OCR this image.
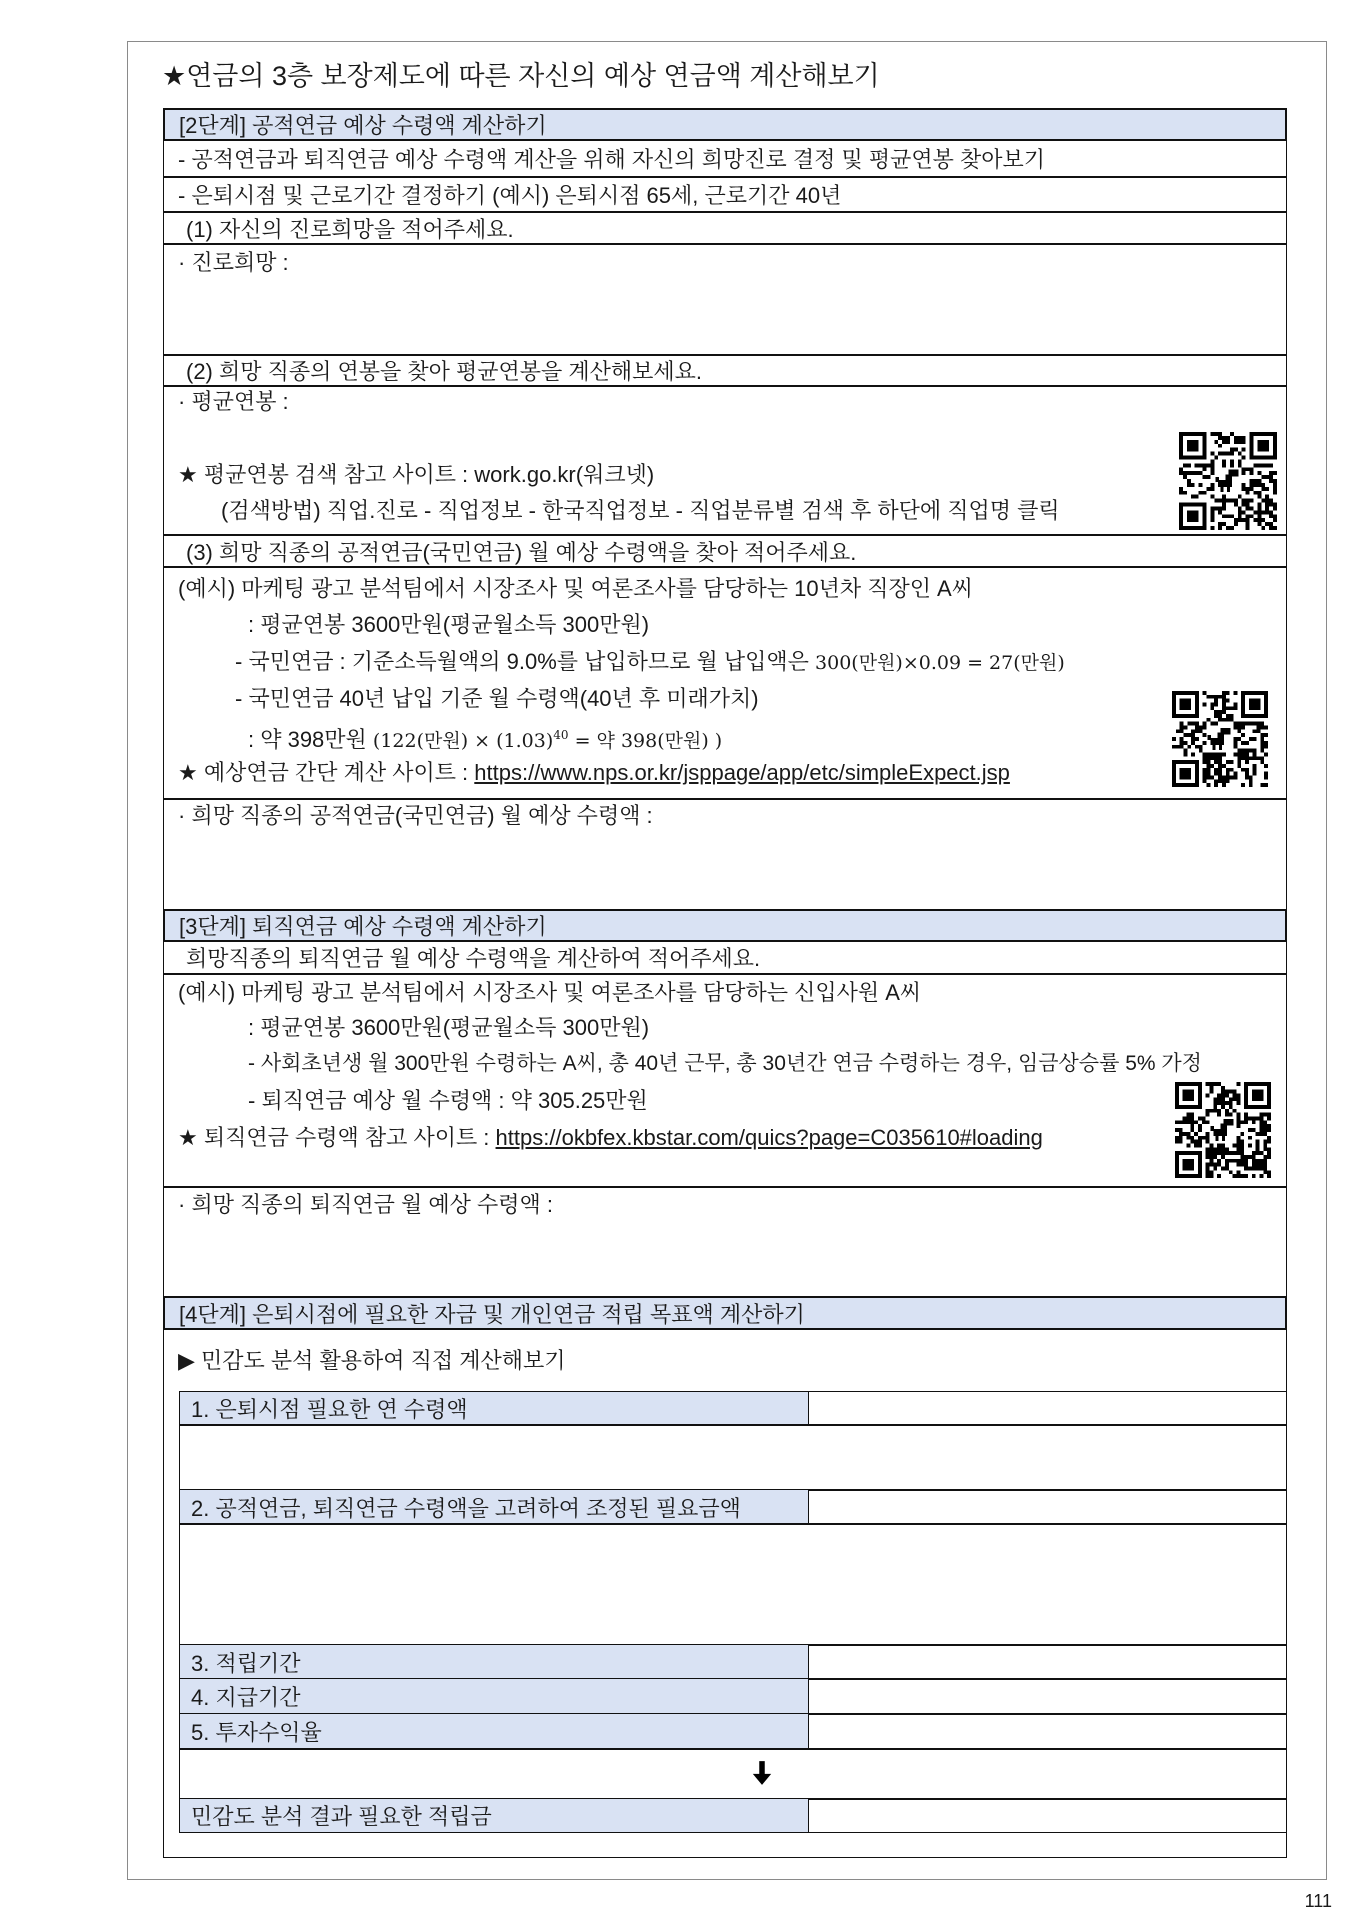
★연금의 3층 보장제도에 따른 자신의 예상 연금액 계산해보기
[2단계] 공적연금 예상 수령액 계산하기
- 공적연금과 퇴직연금 예상 수령액 계산을 위해 자신의 희망진로 결정 및 평균연봉 찾아보기
- 은퇴시점 및 근로기간 결정하기 (예시) 은퇴시점 65세, 근로기간 40년
(1) 자신의 진로희망을 적어주세요.
· 진로희망 :
(2) 희망 직종의 연봉을 찾아 평균연봉을 계산해보세요.
· 평균연봉 :
★ 평균연봉 검색 참고 사이트 : work.go.kr(워크넷)
(검색방법) 직업.진로 - 직업정보 - 한국직업정보 - 직업분류별 검색 후 하단에 직업명 클릭
(3) 희망 직종의 공적연금(국민연금) 월 예상 수령액을 찾아 적어주세요.
(예시) 마케팅 광고 분석팀에서 시장조사 및 여론조사를 담당하는 10년차 직장인 A씨
: 평균연봉 3600만원(평균월소득 300만원)
- 국민연금 : 기준소득월액의 9.0%를 납입하므로 월 납입액은 300(만원)×0.09 = 27(만원)
- 국민연금 40년 납입 기준 월 수령액(40년 후 미래가치)
: 약 398만원 (122(만원) × $(1.03)^{40}$ = 약 398(만원) )
★ 예상연금 간단 계산 사이트 : https://www.nps.or.kr/jsppage/app/etc/simpleExpect.jsp
· 희망 직종의 공적연금(국민연금) 월 예상 수령액 :
[3단계] 퇴직연금 예상 수령액 계산하기
희망직종의 퇴직연금 월 예상 수령액을 계산하여 적어주세요.
(예시) 마케팅 광고 분석팀에서 시장조사 및 여론조사를 담당하는 신입사원 A씨
: 평균연봉 3600만원(평균월소득 300만원)
- 사회초년생 월 300만원 수령하는 A씨, 총 40년 근무, 총 30년간 연금 수령하는 경우, 임금상승률 5% 가정
- 퇴직연금 예상 월 수령액 : 약 305.25만원
★ 퇴직연금 수령액 참고 사이트 : https://okbfex.kbstar.com/quics?page=C035610#loading
· 희망 직종의 퇴직연금 월 예상 수령액 :
[4단계] 은퇴시점에 필요한 자금 및 개인연금 적립 목표액 계산하기
▶ 민감도 분석 활용하여 직접 계산해보기
1. 은퇴시점 필요한 연 수령액
2. 공적연금, 퇴직연금 수령액을 고려하여 조정된 필요금액
3. 적립기간
4. 지급기간
5. 투자수익율
민감도 분석 결과 필요한 적립금
111
